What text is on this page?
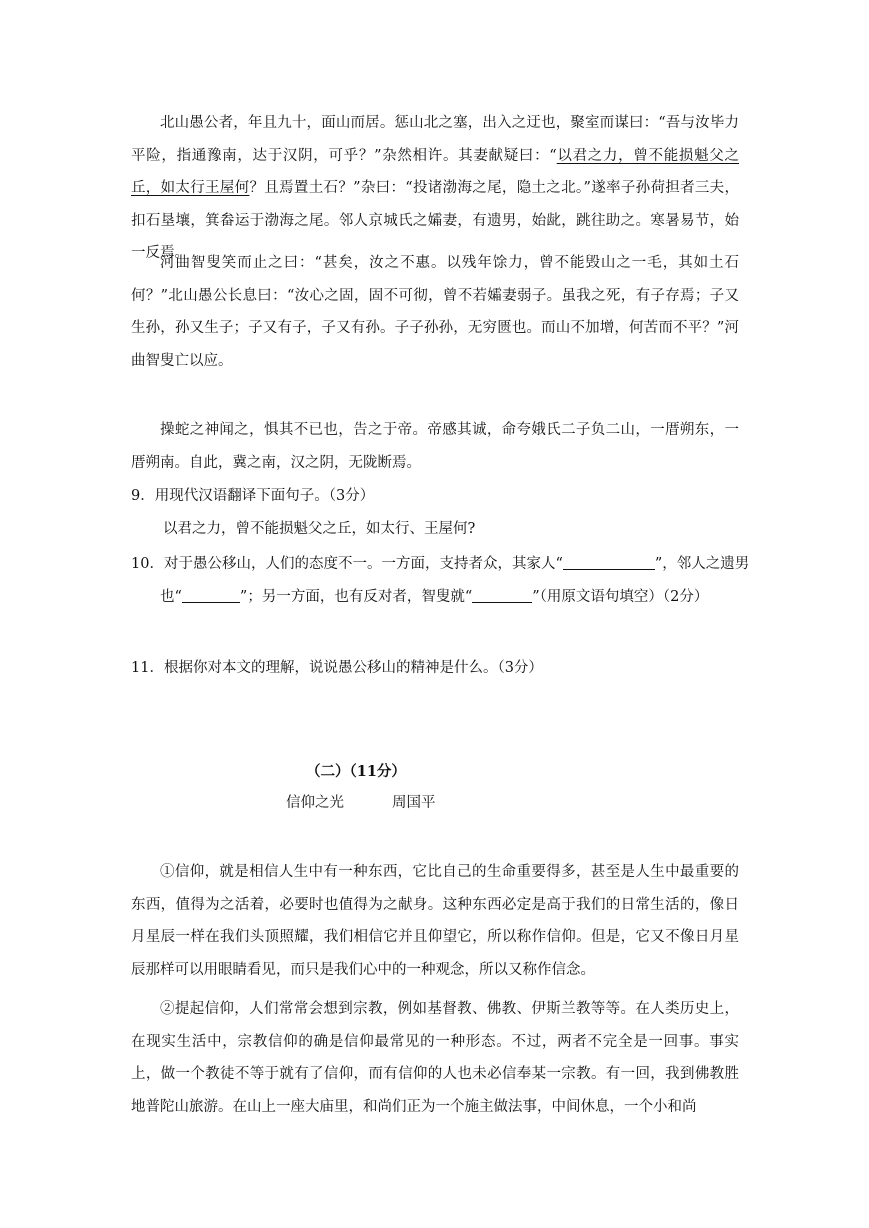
北山愚公者，年且九十，面山而居。惩山北之塞，出入之迂也，聚室而谋曰：“吾与汝毕力平险，指通豫南，达于汉阴，可乎？”杂然相许。其妻献疑曰：“以君之力，曾不能损魁父之丘，如太行王屋何？且焉置土石？”杂曰：“投诸渤海之尾，隐土之北。”遂率子孙荷担者三夫，扣石垦壤，箕畚运于渤海之尾。邻人京城氏之孀妻，有遗男，始龀，跳往助之。寒暑易节，始一反焉。

河曲智叟笑而止之曰：“甚矣，汝之不惠。以残年馀力，曾不能毁山之一毛，其如土石何？”北山愚公长息曰：“汝心之固，固不可彻，曾不若孀妻弱子。虽我之死，有子存焉；子又生孙，孙又生子；子又有子，子又有孙。子子孙孙，无穷匮也。而山不加增，何苦而不平？”河曲智叟亡以应。

操蛇之神闻之，惧其不已也，告之于帝。帝感其诚，命夸娥氏二子负二山，一厝朔东，一厝朔南。自此，冀之南，汉之阴，无陇断焉。

9．用现代汉语翻译下面句子。（3分）

以君之力，曾不能损魁父之丘，如太行、王屋何?

10．对于愚公移山，人们的态度不一。一方面，支持者众，其家人“	”，邻人之遗男也“	”；另一方面，也有反对者，智叟就“	”（用原文语句填空）（2分）

11．根据你对本文的理解，说说愚公移山的精神是什么。（3分）

（二）（11分）

信仰之光	周国平

①信仰，就是相信人生中有一种东西，它比自己的生命重要得多，甚至是人生中最重要的东西，值得为之活着，必要时也值得为之献身。这种东西必定是高于我们的日常生活的，像日月星辰一样在我们头顶照耀，我们相信它并且仰望它，所以称作信仰。但是，它又不像日月星辰那样可以用眼睛看见，而只是我们心中的一种观念，所以又称作信念。

②提起信仰，人们常常会想到宗教，例如基督教、佛教、伊斯兰教等等。在人类历史上，在现实生活中，宗教信仰的确是信仰最常见的一种形态。不过，两者不完全是一回事。事实上，做一个教徒不等于就有了信仰，而有信仰的人也未必信奉某一宗教。有一回，我到佛教胜地普陀山旅游。在山上一座大庙里，和尚们正为一个施主做法事，中间休息，一个小和尚
